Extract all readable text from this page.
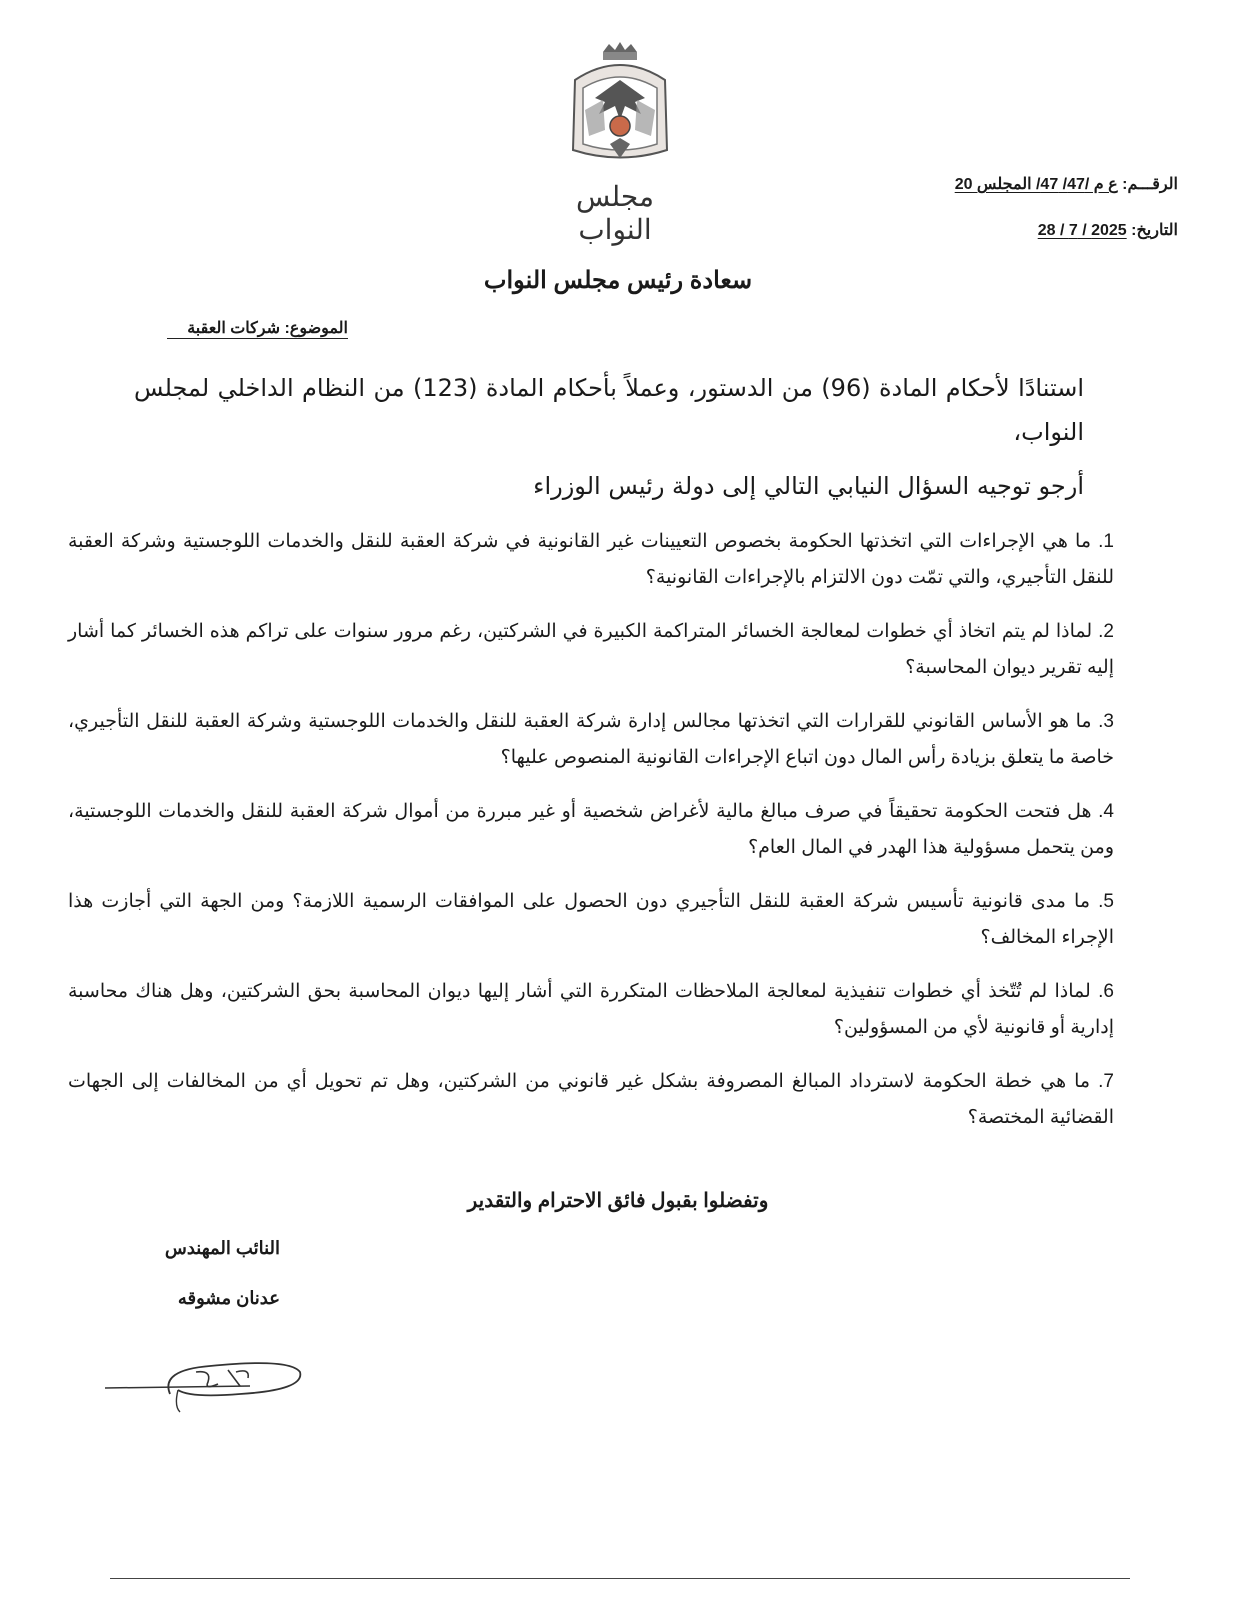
مجلس النواب
الرقـــم: ع م /47/ 47/ المجلس 20
التاريخ: 2025 / 7 / 28
سعادة رئيس مجلس النواب
الموضوع: شركات العقبة
استنادًا لأحكام المادة (96) من الدستور، وعملاً بأحكام المادة (123) من النظام الداخلي لمجلس النواب،
أرجو توجيه السؤال النيابي التالي إلى دولة رئيس الوزراء

1. ما هي الإجراءات التي اتخذتها الحكومة بخصوص التعيينات غير القانونية في شركة العقبة للنقل والخدمات اللوجستية وشركة العقبة للنقل التأجيري، والتي تمّت دون الالتزام بالإجراءات القانونية؟

2. لماذا لم يتم اتخاذ أي خطوات لمعالجة الخسائر المتراكمة الكبيرة في الشركتين، رغم مرور سنوات على تراكم هذه الخسائر كما أشار إليه تقرير ديوان المحاسبة؟

3. ما هو الأساس القانوني للقرارات التي اتخذتها مجالس إدارة شركة العقبة للنقل والخدمات اللوجستية وشركة العقبة للنقل التأجيري، خاصة ما يتعلق بزيادة رأس المال دون اتباع الإجراءات القانونية المنصوص عليها؟

4. هل فتحت الحكومة تحقيقاً في صرف مبالغ مالية لأغراض شخصية أو غير مبررة من أموال شركة العقبة للنقل والخدمات اللوجستية، ومن يتحمل مسؤولية هذا الهدر في المال العام؟

5. ما مدى قانونية تأسيس شركة العقبة للنقل التأجيري دون الحصول على الموافقات الرسمية اللازمة؟ ومن الجهة التي أجازت هذا الإجراء المخالف؟

6. لماذا لم تُتّخذ أي خطوات تنفيذية لمعالجة الملاحظات المتكررة التي أشار إليها ديوان المحاسبة بحق الشركتين، وهل هناك محاسبة إدارية أو قانونية لأي من المسؤولين؟

7. ما هي خطة الحكومة لاسترداد المبالغ المصروفة بشكل غير قانوني من الشركتين، وهل تم تحويل أي من المخالفات إلى الجهات القضائية المختصة؟

وتفضلوا بقبول فائق الاحترام والتقدير
النائب المهندس
عدنان مشوقه
